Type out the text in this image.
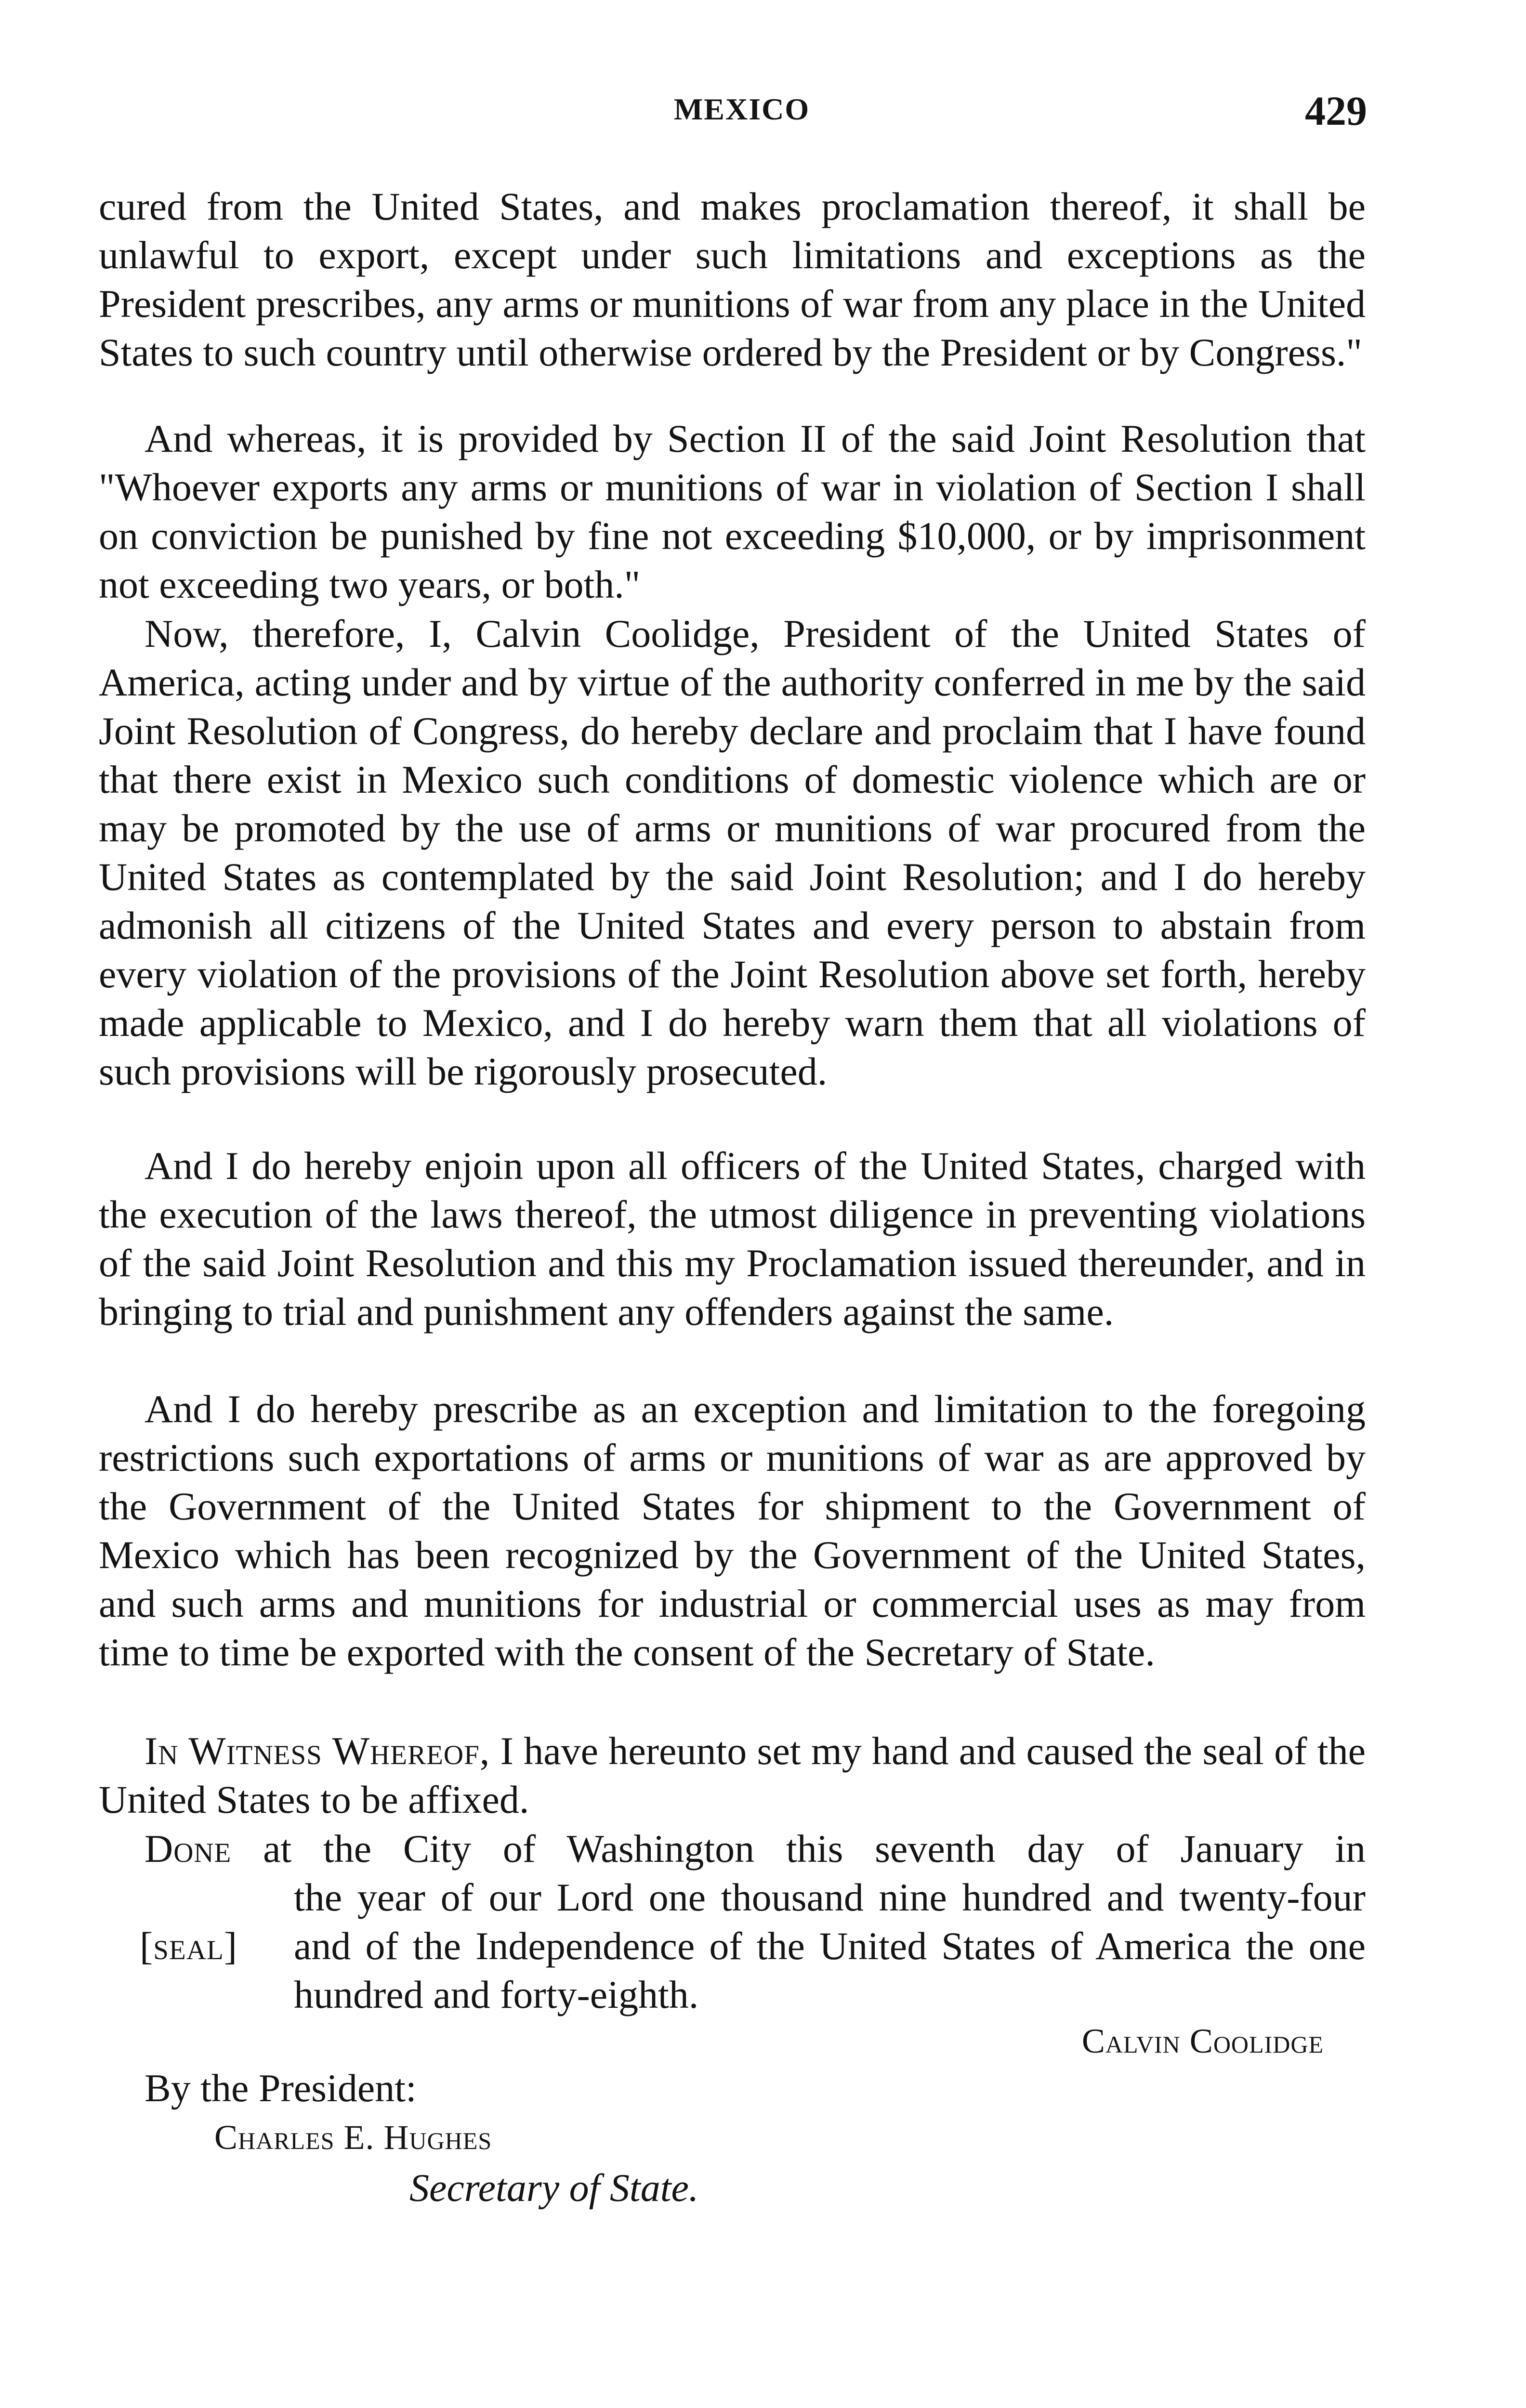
MEXICO	429

cured from the United States, and makes proclamation thereof, it shall be unlawful to export, except under such limitations and exceptions as the President prescribes, any arms or munitions of war from any place in the United States to such country until otherwise ordered by the President or by Congress."

And whereas, it is provided by Section II of the said Joint Resolution that "Whoever exports any arms or munitions of war in violation of Section I shall on conviction be punished by fine not exceeding $10,000, or by imprisonment not exceeding two years, or both."

Now, therefore, I, Calvin Coolidge, President of the United States of America, acting under and by virtue of the authority conferred in me by the said Joint Resolution of Congress, do hereby declare and proclaim that I have found that there exist in Mexico such conditions of domestic violence which are or may be promoted by the use of arms or munitions of war procured from the United States as contemplated by the said Joint Resolution; and I do hereby admonish all citizens of the United States and every person to abstain from every violation of the provisions of the Joint Resolution above set forth, hereby made applicable to Mexico, and I do hereby warn them that all violations of such provisions will be rigorously prosecuted.

And I do hereby enjoin upon all officers of the United States, charged with the execution of the laws thereof, the utmost diligence in preventing violations of the said Joint Resolution and this my Proclamation issued thereunder, and in bringing to trial and punishment any offenders against the same.

And I do hereby prescribe as an exception and limitation to the foregoing restrictions such exportations of arms or munitions of war as are approved by the Government of the United States for shipment to the Government of Mexico which has been recognized by the Government of the United States, and such arms and munitions for industrial or commercial uses as may from time to time be exported with the consent of the Secretary of State.

In Witness Whereof, I have hereunto set my hand and caused the seal of the United States to be affixed.

Done at the City of Washington this seventh day of January in

the year of our Lord one thousand nine hundred and twenty-four and of the Independence of the United States of America the one hundred and forty-eighth.

[seal]
Calvin Coolidge
By the President:
Charles E. Hughes
Secretary of State.
